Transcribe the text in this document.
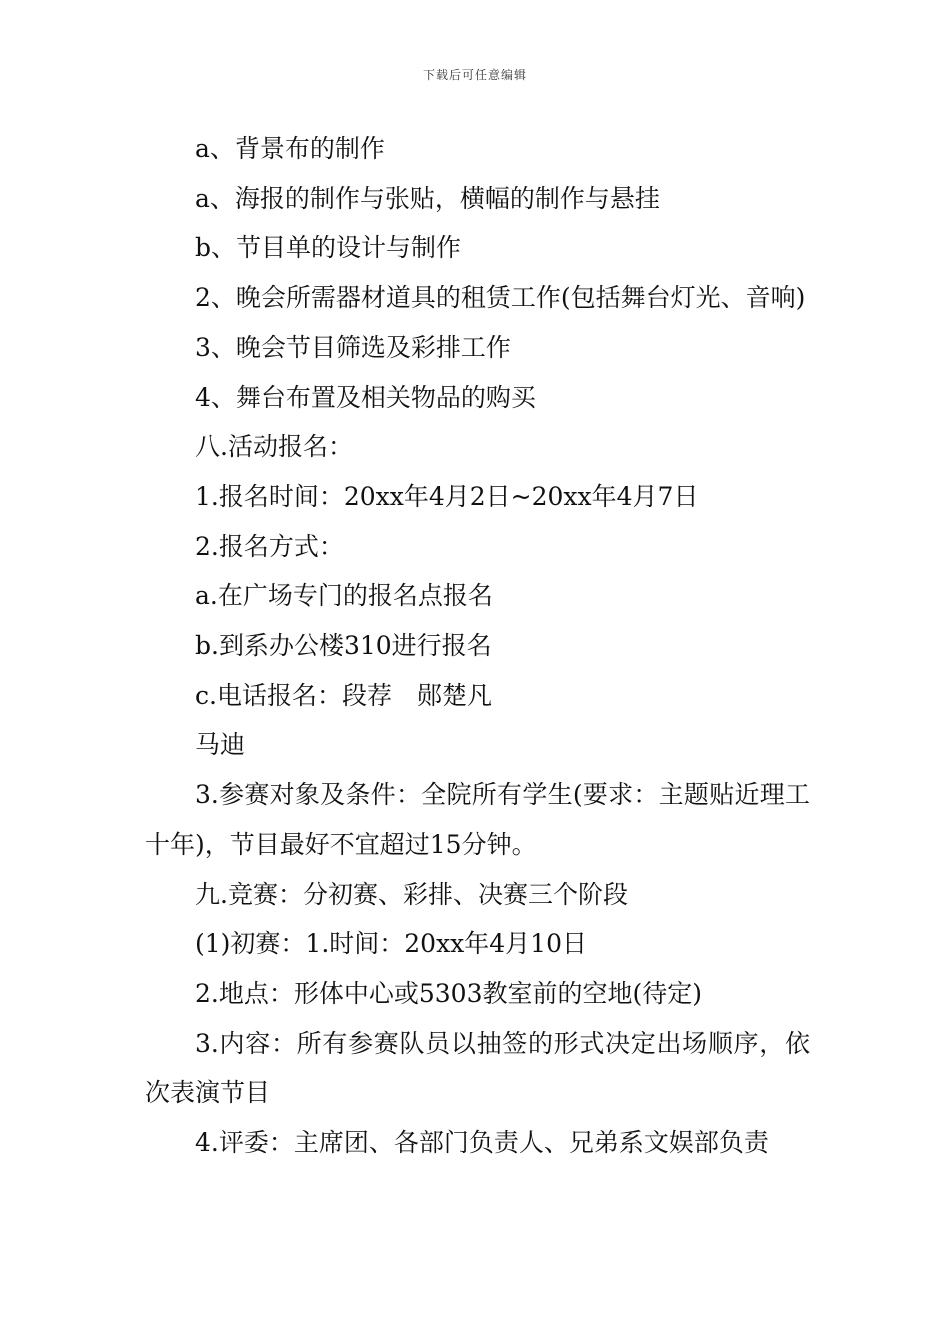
下载后可任意编辑

a、背景布的制作

a、海报的制作与张贴，横幅的制作与悬挂

b、节目单的设计与制作

2、晚会所需器材道具的租赁工作(包括舞台灯光、音响)

3、晚会节目筛选及彩排工作

4、舞台布置及相关物品的购买

八.活动报名：

1.报名时间：20xx年4月2日~20xx年4月7日

2.报名方式：

a.在广场专门的报名点报名

b.到系办公楼310进行报名

c.电话报名：段荐　郧楚凡

马迪

3.参赛对象及条件：全院所有学生(要求：主题贴近理工十年)，节目最好不宜超过15分钟。

九.竞赛：分初赛、彩排、决赛三个阶段

(1)初赛：1.时间：20xx年4月10日

2.地点：形体中心或5303教室前的空地(待定)

3.内容：所有参赛队员以抽签的形式决定出场顺序，依次表演节目

4.评委：主席团、各部门负责人、兄弟系文娱部负责
